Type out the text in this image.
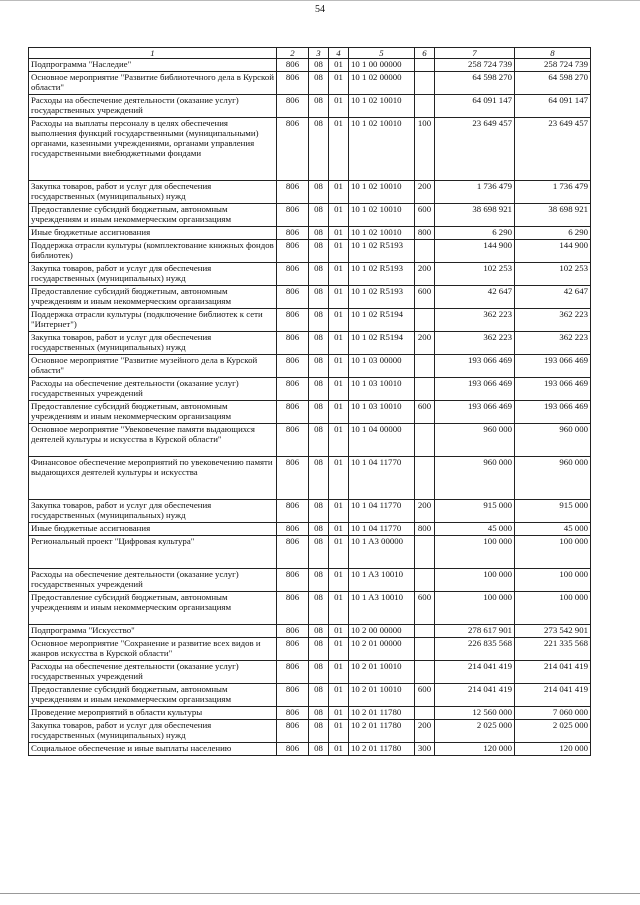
54
1	2	3	4	5	6	7	8
Подпрограмма "Наследие"	806	08	01	10 1 00 00000		258 724 739	258 724 739
Основное мероприятие "Развитие библиотечного дела в Курской области"	806	08	01	10 1 02 00000		64 598 270	64 598 270
Расходы на обеспечение деятельности (оказание услуг) государственных учреждений	806	08	01	10 1 02 10010		64 091 147	64 091 147
Расходы на выплаты персоналу в целях обеспечения выполнения функций государственными (муниципальными) органами, казенными учреждениями, органами управления государственными внебюджетными фондами	806	08	01	10 1 02 10010	100	23 649 457	23 649 457
Закупка товаров, работ и услуг для обеспечения государственных (муниципальных) нужд	806	08	01	10 1 02 10010	200	1 736 479	1 736 479
Предоставление субсидий бюджетным, автономным учреждениям и иным некоммерческим организациям	806	08	01	10 1 02 10010	600	38 698 921	38 698 921
Иные бюджетные ассигнования	806	08	01	10 1 02 10010	800	6 290	6 290
Поддержка отрасли культуры (комплектование книжных фондов библиотек)	806	08	01	10 1 02 R5193		144 900	144 900
Закупка товаров, работ и услуг для обеспечения государственных (муниципальных) нужд	806	08	01	10 1 02 R5193	200	102 253	102 253
Предоставление субсидий бюджетным, автономным учреждениям и иным некоммерческим организациям	806	08	01	10 1 02 R5193	600	42 647	42 647
Поддержка отрасли культуры (подключение библиотек к сети "Интернет")	806	08	01	10 1 02 R5194		362 223	362 223
Закупка товаров, работ и услуг для обеспечения государственных (муниципальных) нужд	806	08	01	10 1 02 R5194	200	362 223	362 223
Основное мероприятие "Развитие музейного дела в Курской области"	806	08	01	10 1 03 00000		193 066 469	193 066 469
Расходы на обеспечение деятельности (оказание услуг) государственных учреждений	806	08	01	10 1 03 10010		193 066 469	193 066 469
Предоставление субсидий бюджетным, автономным учреждениям и иным некоммерческим организациям	806	08	01	10 1 03 10010	600	193 066 469	193 066 469
Основное мероприятие "Увековечение памяти выдающихся деятелей культуры и искусства в Курской области"	806	08	01	10 1 04 00000		960 000	960 000
Финансовое обеспечение мероприятий по увековечению памяти выдающихся деятелей культуры и искусства	806	08	01	10 1 04 11770		960 000	960 000
Закупка товаров, работ и услуг для обеспечения государственных (муниципальных) нужд	806	08	01	10 1 04 11770	200	915 000	915 000
Иные бюджетные ассигнования	806	08	01	10 1 04 11770	800	45 000	45 000
Региональный проект "Цифровая культура"	806	08	01	10 1 A3 00000		100 000	100 000
Расходы на обеспечение деятельности (оказание услуг) государственных учреждений	806	08	01	10 1 A3 10010		100 000	100 000
Предоставление субсидий бюджетным, автономным учреждениям и иным некоммерческим организациям	806	08	01	10 1 A3 10010	600	100 000	100 000
Подпрограмма "Искусство"	806	08	01	10 2 00 00000		278 617 901	273 542 901
Основное мероприятие "Сохранение и развитие всех видов и жанров искусства в Курской области"	806	08	01	10 2 01 00000		226 835 568	221 335 568
Расходы на обеспечение деятельности (оказание услуг) государственных учреждений	806	08	01	10 2 01 10010		214 041 419	214 041 419
Предоставление субсидий бюджетным, автономным учреждениям и иным некоммерческим организациям	806	08	01	10 2 01 10010	600	214 041 419	214 041 419
Проведение мероприятий в области культуры	806	08	01	10 2 01 11780		12 560 000	7 060 000
Закупка товаров, работ и услуг для обеспечения государственных (муниципальных) нужд	806	08	01	10 2 01 11780	200	2 025 000	2 025 000
Социальное обеспечение и иные выплаты населению	806	08	01	10 2 01 11780	300	120 000	120 000
